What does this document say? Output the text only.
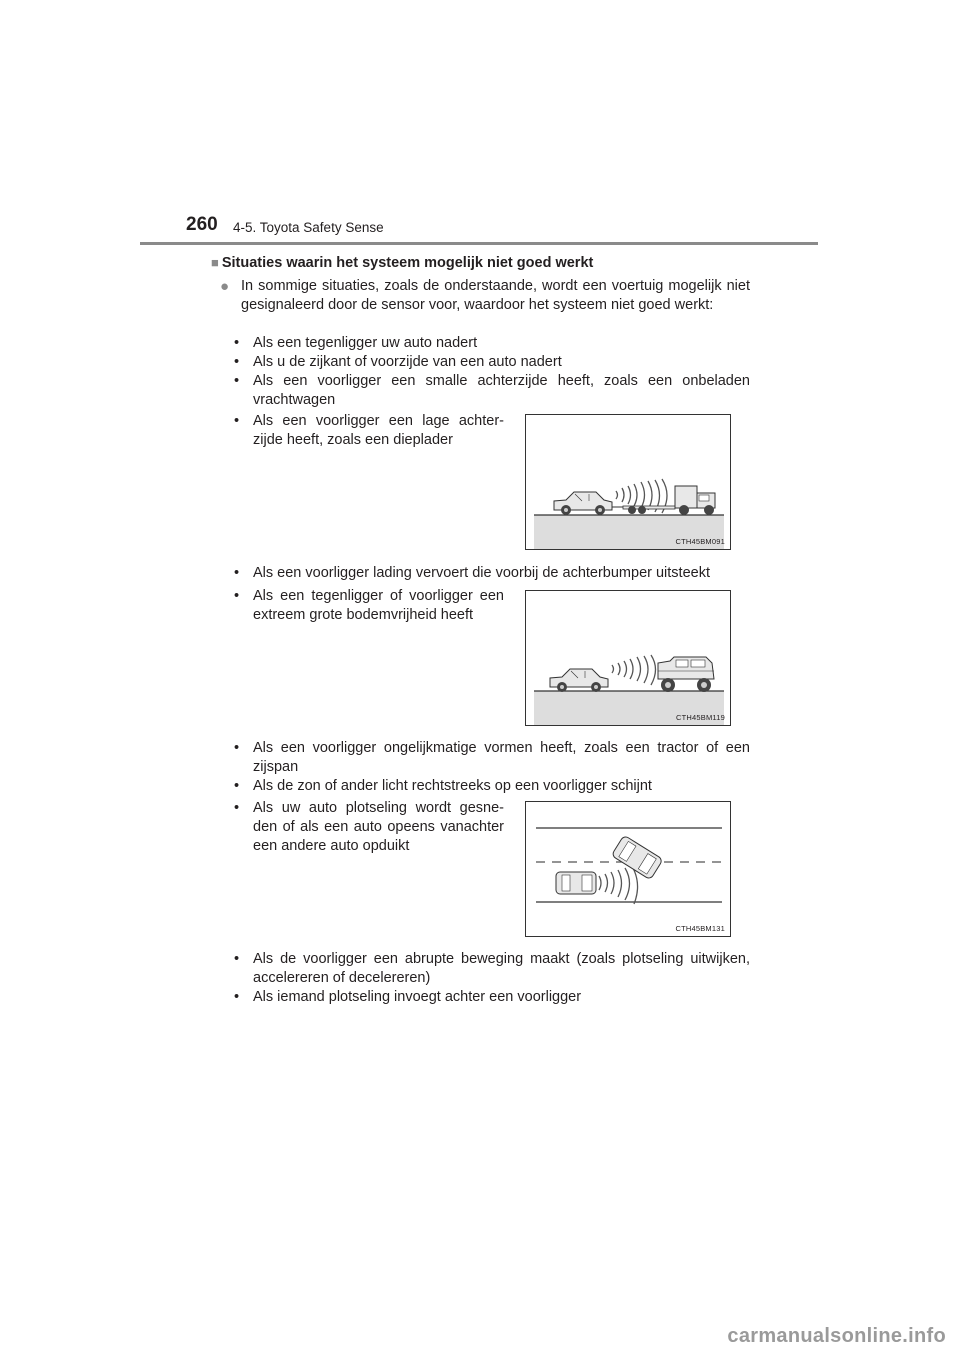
260 4-5. Toyota Safety Sense
■ Situaties waarin het systeem mogelijk niet goed werkt
● In sommige situaties, zoals de onderstaande, wordt een voertuig mogelijk niet gesignaleerd door de sensor voor, waardoor het systeem niet goed werkt:
• Als een tegenligger uw auto nadert
• Als u de zijkant of voorzijde van een auto nadert
• Als een voorligger een smalle achterzijde heeft, zoals een onbeladen vrachtwagen
• Als een voorligger een lage achter-zijde heeft, zoals een dieplader
CTH45BM091
• Als een voorligger lading vervoert die voorbij de achterbumper uitsteekt
• Als een tegenligger of voorligger een extreem grote bodemvrijheid heeft
CTH45BM119
• Als een voorligger ongelijkmatige vormen heeft, zoals een tractor of een zijspan
• Als de zon of ander licht rechtstreeks op een voorligger schijnt
• Als uw auto plotseling wordt gesne-den of als een auto opeens vanachter een andere auto opduikt
CTH45BM131
• Als de voorligger een abrupte beweging maakt (zoals plotseling uitwijken, accelereren of decelereren)
• Als iemand plotseling invoegt achter een voorligger
carmanualsonline.info
